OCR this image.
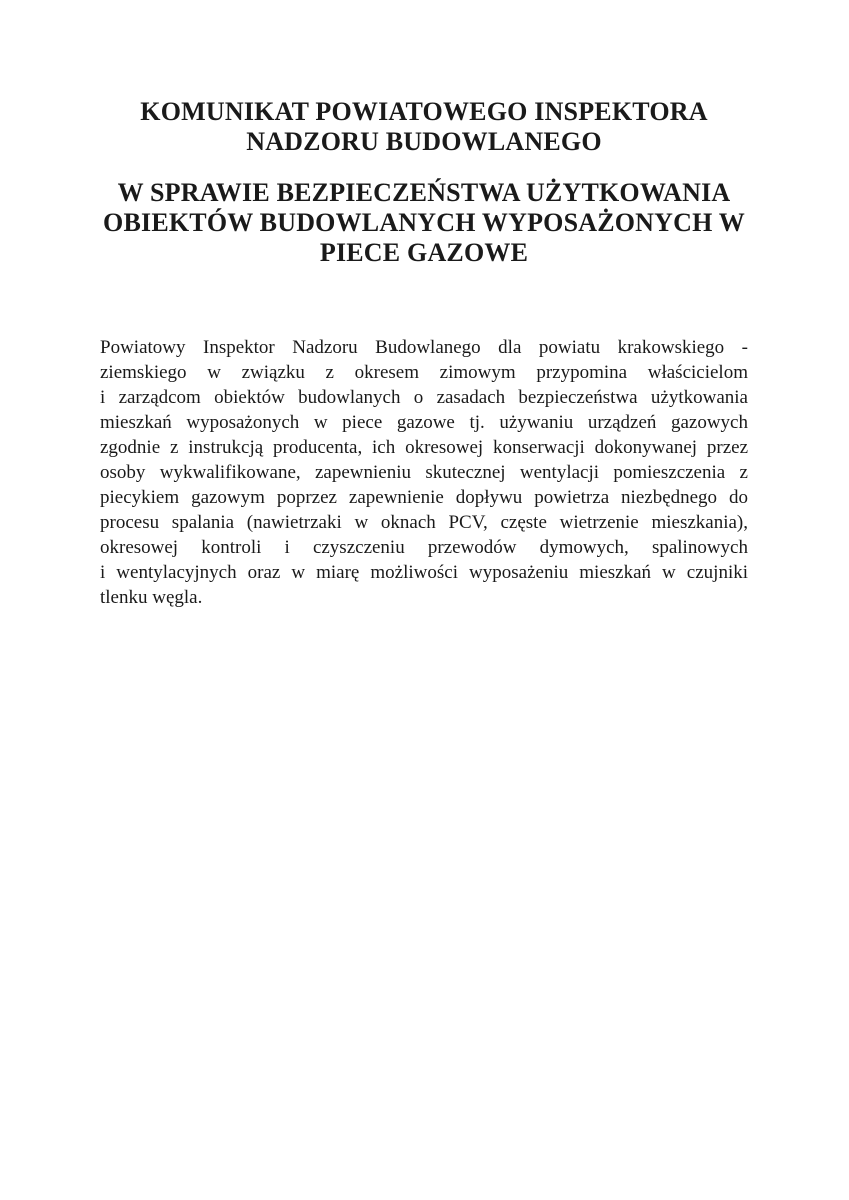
KOMUNIKAT POWIATOWEGO INSPEKTORA
NADZORU BUDOWLANEGO
W SPRAWIE BEZPIECZEŃSTWA UŻYTKOWANIA
OBIEKTÓW BUDOWLANYCH WYPOSAŻONYCH W
PIECE GAZOWE
Powiatowy Inspektor Nadzoru Budowlanego dla powiatu krakowskiego -
ziemskiego w związku z okresem zimowym przypomina właścicielom
i zarządcom obiektów budowlanych o zasadach bezpieczeństwa użytkowania
mieszkań wyposażonych w piece gazowe tj. używaniu urządzeń gazowych
zgodnie z instrukcją producenta, ich okresowej konserwacji dokonywanej przez
osoby wykwalifikowane, zapewnieniu skutecznej wentylacji pomieszczenia z
piecykiem gazowym poprzez zapewnienie dopływu powietrza niezbędnego do
procesu spalania (nawietrzaki w oknach PCV, częste wietrzenie mieszkania),
okresowej kontroli i czyszczeniu przewodów dymowych, spalinowych
i wentylacyjnych oraz w miarę możliwości wyposażeniu mieszkań w czujniki
tlenku węgla.
